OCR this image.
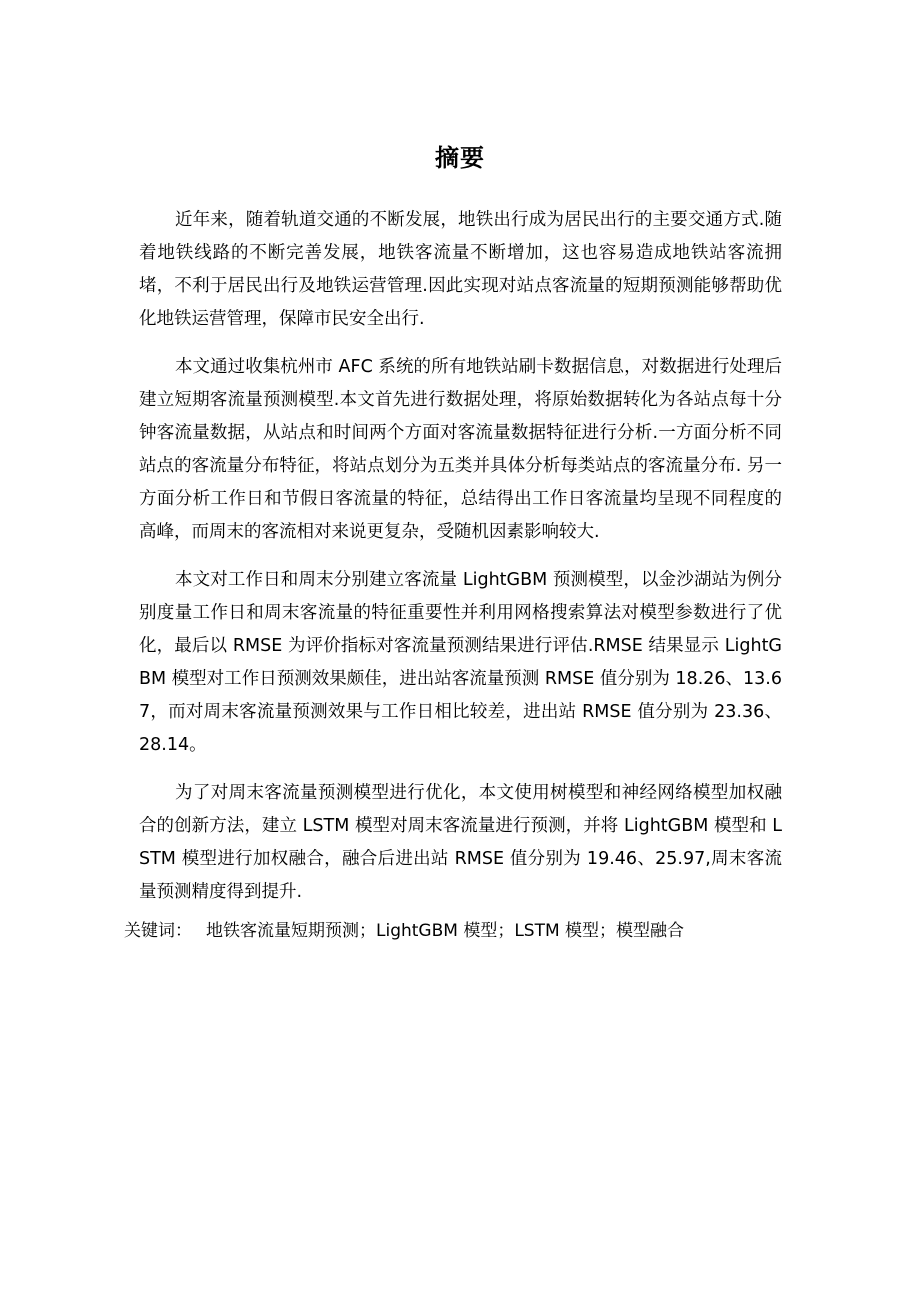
摘要

近年来，随着轨道交通的不断发展，地铁出行成为居民出行的主要交通方式.随着地铁线路的不断完善发展，地铁客流量不断增加，这也容易造成地铁站客流拥堵，不利于居民出行及地铁运营管理.因此实现对站点客流量的短期预测能够帮助优化地铁运营管理，保障市民安全出行.

本文通过收集杭州市 AFC 系统的所有地铁站刷卡数据信息，对数据进行处理后建立短期客流量预测模型.本文首先进行数据处理，将原始数据转化为各站点每十分钟客流量数据，从站点和时间两个方面对客流量数据特征进行分析.一方面分析不同站点的客流量分布特征，将站点划分为五类并具体分析每类站点的客流量分布. 另一方面分析工作日和节假日客流量的特征，总结得出工作日客流量均呈现不同程度的高峰，而周末的客流相对来说更复杂，受随机因素影响较大.

本文对工作日和周末分别建立客流量 LightGBM 预测模型，以金沙湖站为例分别度量工作日和周末客流量的特征重要性并利用网格搜索算法对模型参数进行了优化，最后以 RMSE 为评价指标对客流量预测结果进行评估.RMSE 结果显示 LightGBM 模型对工作日预测效果颇佳，进出站客流量预测 RMSE 值分别为 18.26、13.67，而对周末客流量预测效果与工作日相比较差，进出站 RMSE 值分别为 23.36、28.14。

为了对周末客流量预测模型进行优化，本文使用树模型和神经网络模型加权融合的创新方法，建立 LSTM 模型对周末客流量进行预测，并将 LightGBM 模型和 LSTM 模型进行加权融合，融合后进出站 RMSE 值分别为 19.46、25.97,周末客流量预测精度得到提升.

关键词： 地铁客流量短期预测；LightGBM 模型；LSTM 模型；模型融合
